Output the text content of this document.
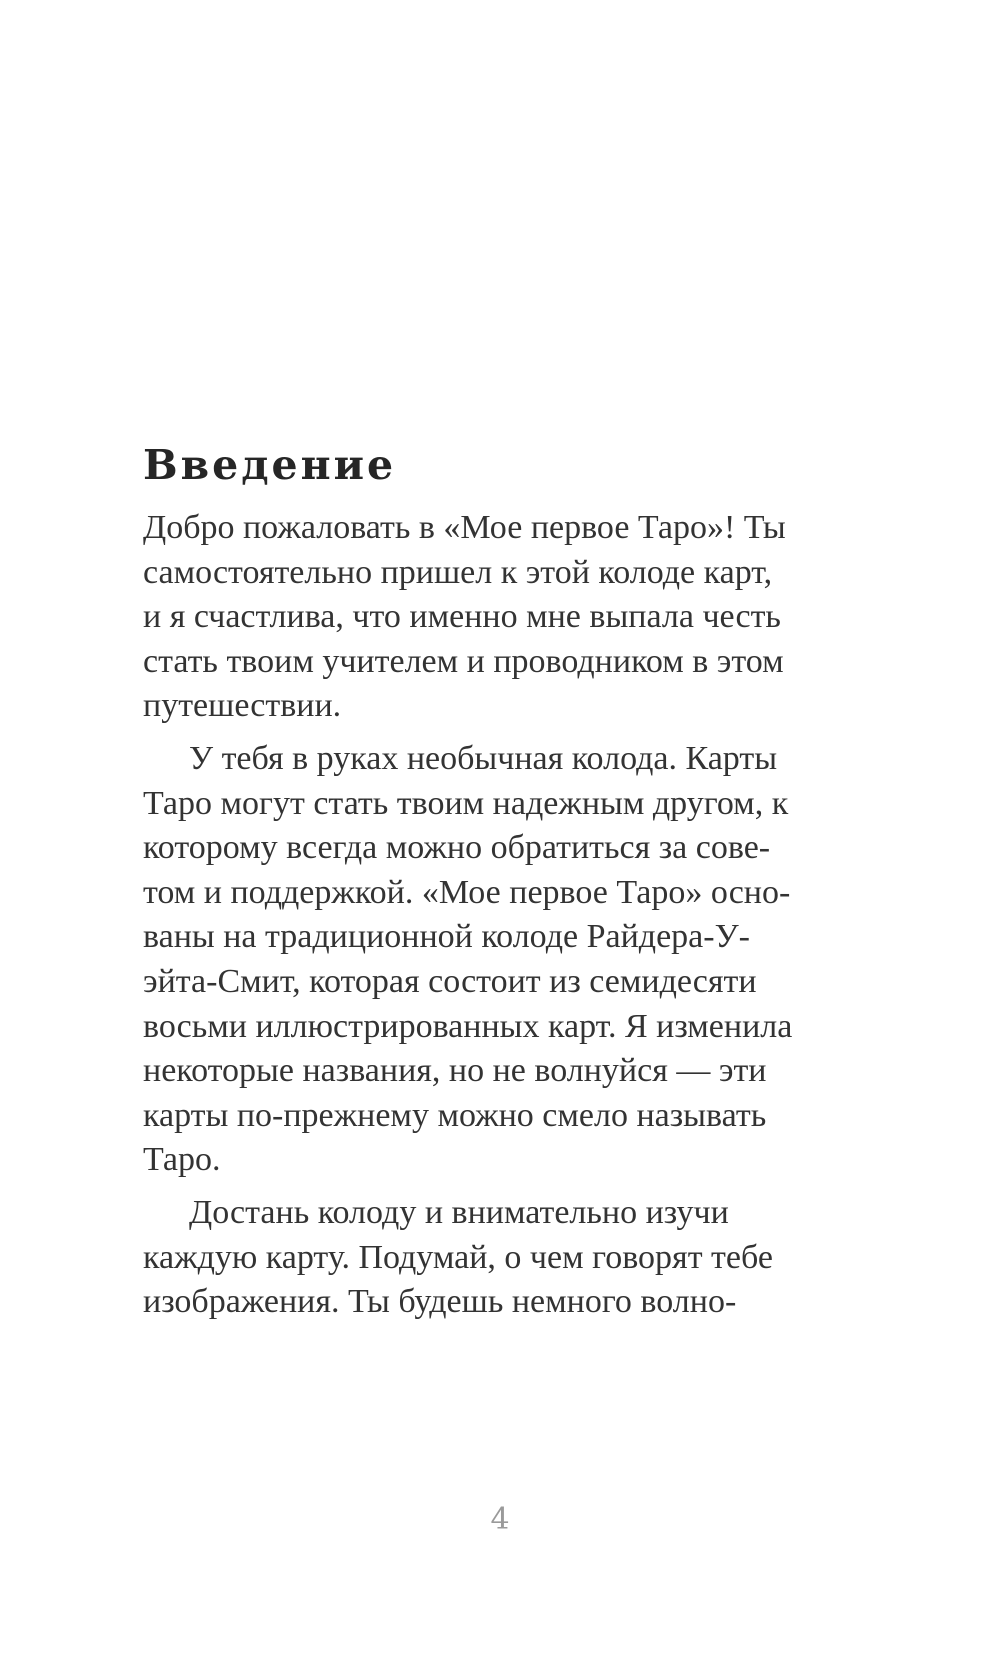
Введение
Добро пожаловать в «Мое первое Таро»! Ты
самостоятельно пришел к этой колоде карт,
и я счастлива, что именно мне выпала честь
стать твоим учителем и проводником в этом
путешествии.
У тебя в руках необычная колода. Карты
Таро могут стать твоим надежным другом, к
которому всегда можно обратиться за сове-
том и поддержкой. «Мое первое Таро» осно-
ваны на традиционной колоде Райдера-У-
эйта-Смит, которая состоит из семидесяти
восьми иллюстрированных карт. Я изменила
некоторые названия, но не волнуйся — эти
карты по-прежнему можно смело называть
Таро.
Достань колоду и внимательно изучи
каждую карту. Подумай, о чем говорят тебе
изображения. Ты будешь немного волно-
4
